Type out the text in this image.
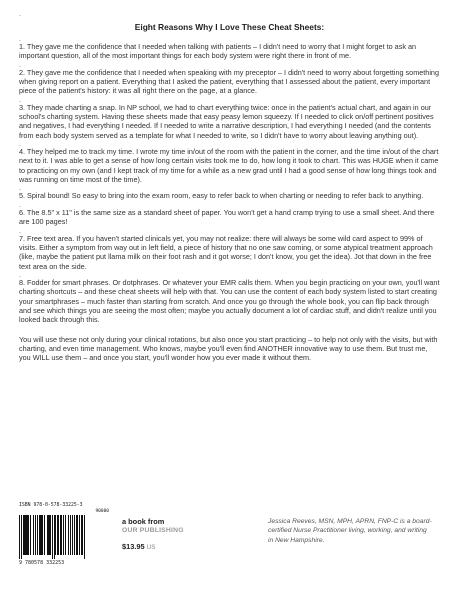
.
Eight Reasons Why I Love These Cheat Sheets:
.

1. They gave me the confidence that I needed when talking with patients – I didn't need to worry that I might forget to ask an important question, all of the most important things for each body system were right there in front of me.

.

2. They gave me the confidence that I needed when speaking with my preceptor – I didn't need to worry about forgetting something when giving report on a patient. Everything that I asked the patient, everything that I assessed about the patient, every important piece of the patient's history: it was all right there on the page, at a glance.

.

3. They made charting a snap. In NP school, we had to chart everything twice: once in the patient's actual chart, and again in our school's charting system. Having these sheets made that easy peasy lemon squeezy. If I needed to click on/off pertinent positives and negatives, I had everything I needed. If I needed to write a narrative description, I had everything I needed (and the contents from each body system served as a template for what I needed to write, so I didn't have to worry about leaving anything out).

.

4. They helped me to track my time. I wrote my time in/out of the room with the patient in the corner, and the time in/out of the chart next to it. I was able to get a sense of how long certain visits took me to do, how long it took to chart. This was HUGE when it came to practicing on my own (and I kept track of my time for a while as a new grad until I had a good sense of how long things took and was running on time most of the time).

.

5. Spiral bound! So easy to bring into the exam room, easy to refer back to when charting or needing to refer back to anything.

.

6. The 8.5" x 11" is the same size as a standard sheet of paper. You won't get a hand cramp trying to use a small sheet. And there are 100 pages!

.

7. Free text area. If you haven't started clinicals yet, you may not realize: there will always be some wild card aspect to 99% of visits. Either a symptom from way out in left field, a piece of history that no one saw coming, or some atypical treatment approach (like, maybe the patient put llama milk on their foot rash and it got worse; I don't know, you get the idea). Jot that down in the free text area on the side.

.

8. Fodder for smart phrases. Or dotphrases. Or whatever your EMR calls them. When you begin practicing on your own, you'll want charting shortcuts – and these cheat sheets will help with that. You can use the content of each body system listed to start creating your smartphrases – much faster than starting from scratch. And once you go through the whole book, you can flip back through and see which things you are seeing the most often; maybe you actually document a lot of cardiac stuff, and didn't realize until you looked back through this.

You will use these not only during your clinical rotations, but also once you start practicing – to help not only with the visits, but with charting, and even time management. Who knows, maybe you'll even find ANOTHER innovative way to use them. But trust me, you WILL use them – and once you start, you'll wonder how you ever made it without them.

ISBN 978-0-578-33225-3
90000
9 780578 332253
a book from
OUR PUBLISHING
$13.95 US
Jessica Reeves, MSN, MPH, APRN, FNP-C is a board-certified Nurse Practitioner living, working, and writing in New Hampshire.
